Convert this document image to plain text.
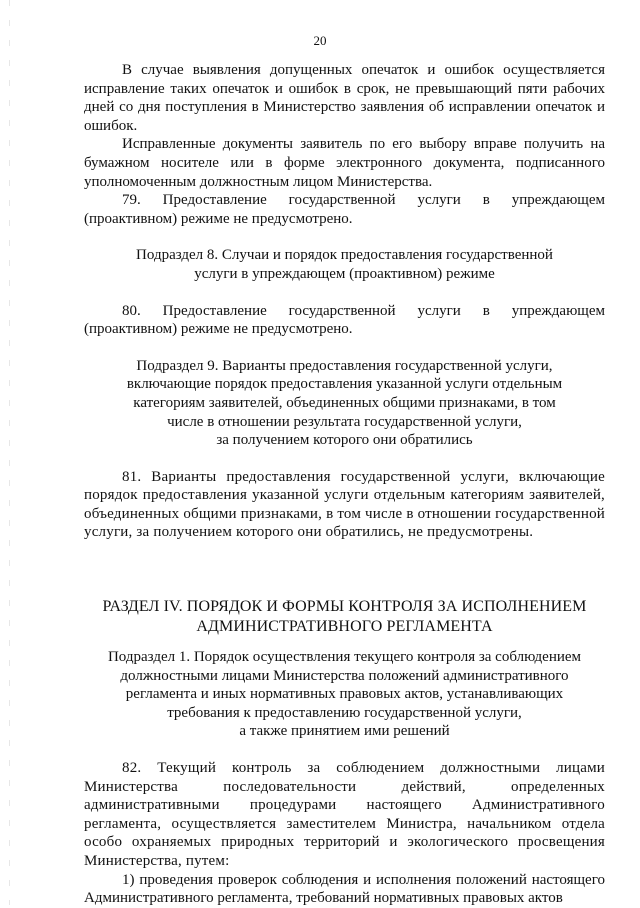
20

В случае выявления допущенных опечаток и ошибок осуществляется исправление таких опечаток и ошибок в срок, не превышающий пяти рабочих дней со дня поступления в Министерство заявления об исправлении опечаток и ошибок.

Исправленные документы заявитель по его выбору вправе получить на бумажном носителе или в форме электронного документа, подписанного уполномоченным должностным лицом Министерства.

79. Предоставление государственной услуги в упреждающем (проактивном) режиме не предусмотрено.

Подраздел 8. Случаи и порядок предоставления государственной

услуги в упреждающем (проактивном) режиме

80. Предоставление государственной услуги в упреждающем (проактивном) режиме не предусмотрено.

Подраздел 9. Варианты предоставления государственной услуги,

включающие порядок предоставления указанной услуги отдельным

категориям заявителей, объединенных общими признаками, в том

числе в отношении результата государственной услуги,

за получением которого они обратились

81. Варианты предоставления государственной услуги, включающие порядок предоставления указанной услуги отдельным категориям заявителей, объединенных общими признаками, в том числе в отношении государственной услуги, за получением которого они обратились, не предусмотрены.

РАЗДЕЛ IV. ПОРЯДОК И ФОРМЫ КОНТРОЛЯ ЗА ИСПОЛНЕНИЕМ

АДМИНИСТРАТИВНОГО РЕГЛАМЕНТА

Подраздел 1. Порядок осуществления текущего контроля за соблюдением

должностными лицами Министерства положений административного

регламента и иных нормативных правовых актов, устанавливающих

требования к предоставлению государственной услуги,

а также принятием ими решений

82. Текущий контроль за соблюдением должностными лицами Министерства последовательности действий, определенных административными процедурами настоящего Административного регламента, осуществляется заместителем Министра, начальником отдела особо охраняемых природных территорий и экологического просвещения Министерства, путем:

1) проведения проверок соблюдения и исполнения положений настоящего Административного регламента, требований нормативных правовых актов
